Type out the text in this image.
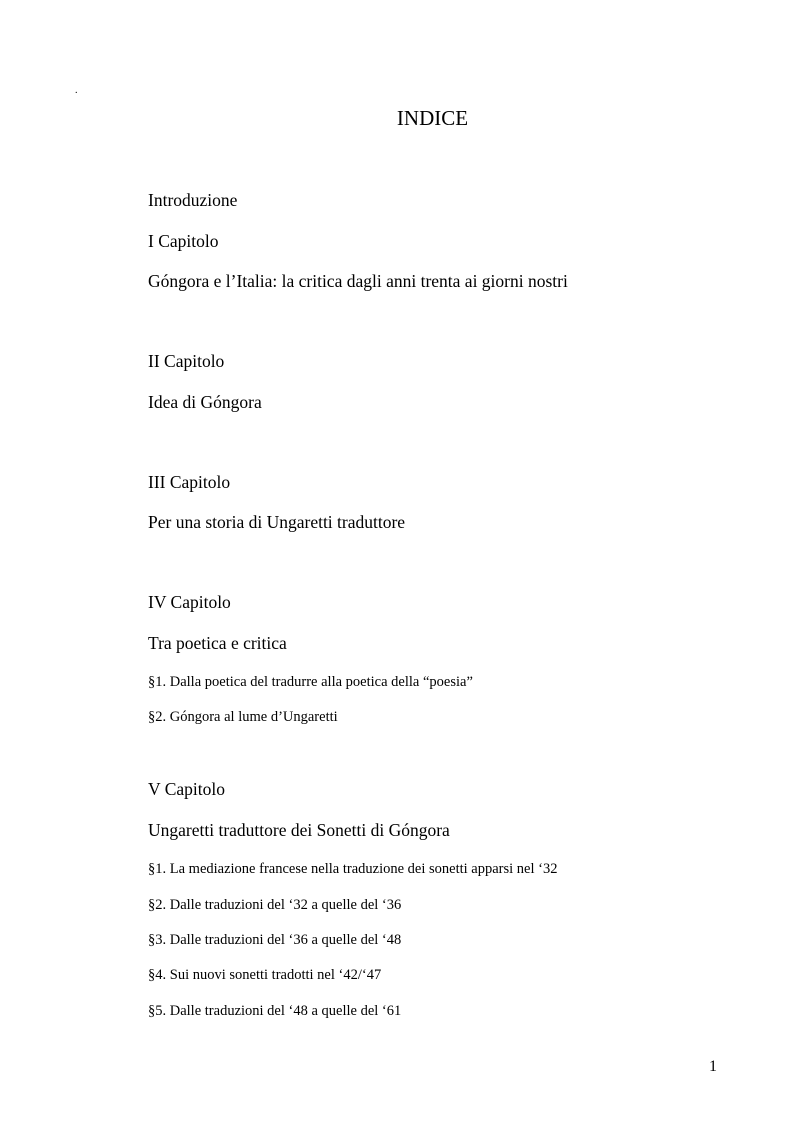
.
INDICE
Introduzione
I Capitolo
Góngora e l’Italia: la critica dagli anni trenta ai giorni nostri
II Capitolo
Idea di Góngora
III Capitolo
Per una storia di Ungaretti traduttore
IV Capitolo
Tra poetica e critica
§1. Dalla poetica del tradurre alla poetica della “poesia”
§2. Góngora al lume d’Ungaretti
V Capitolo
Ungaretti traduttore dei Sonetti di Góngora
§1. La mediazione francese nella traduzione dei sonetti apparsi nel ‘32
§2. Dalle traduzioni del ‘32 a quelle del ‘36
§3. Dalle traduzioni del ‘36 a quelle del ‘48
§4. Sui nuovi sonetti tradotti nel ‘42/‘47
§5. Dalle traduzioni del ‘48 a quelle del ‘61
1
